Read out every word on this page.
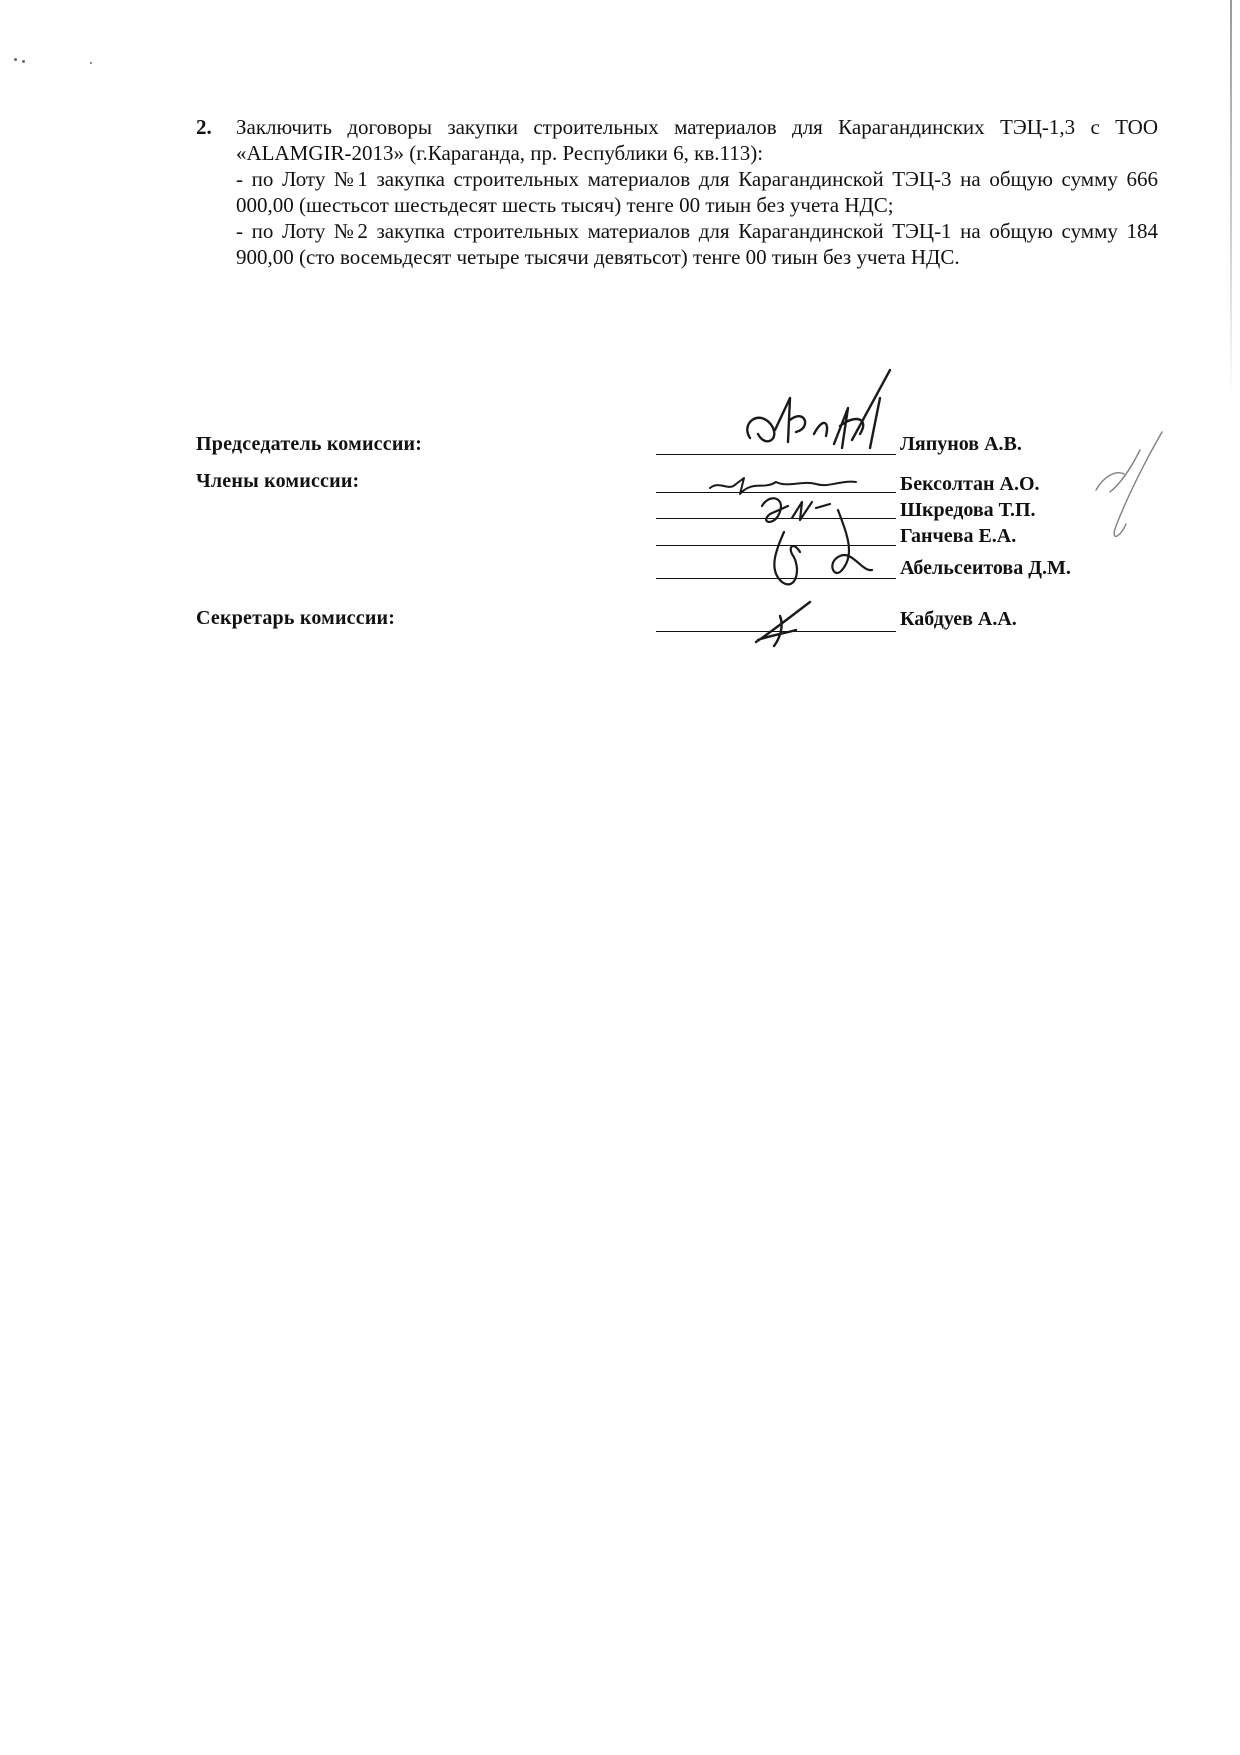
2. Заключить договоры закупки строительных материалов для Карагандинских ТЭЦ-1,3 с ТОО «ALAMGIR-2013» (г.Караганда, пр. Республики 6, кв.113):
- по Лоту №1 закупка строительных материалов для Карагандинской ТЭЦ-3 на общую сумму 666 000,00 (шестьсот шестьдесят шесть тысяч) тенге 00 тиын без учета НДС;
- по Лоту №2 закупка строительных материалов для Карагандинской ТЭЦ-1 на общую сумму 184 900,00 (сто восемьдесят четыре тысячи девятьсот) тенге 00 тиын без учета НДС.
Председатель комиссии:
Члены комиссии:
Секретарь комиссии:
Ляпунов А.В.
Бексолтан А.О.
Шкредова Т.П.
Ганчева Е.А.
Абельсеитова Д.М.
Кабдуев А.А.
